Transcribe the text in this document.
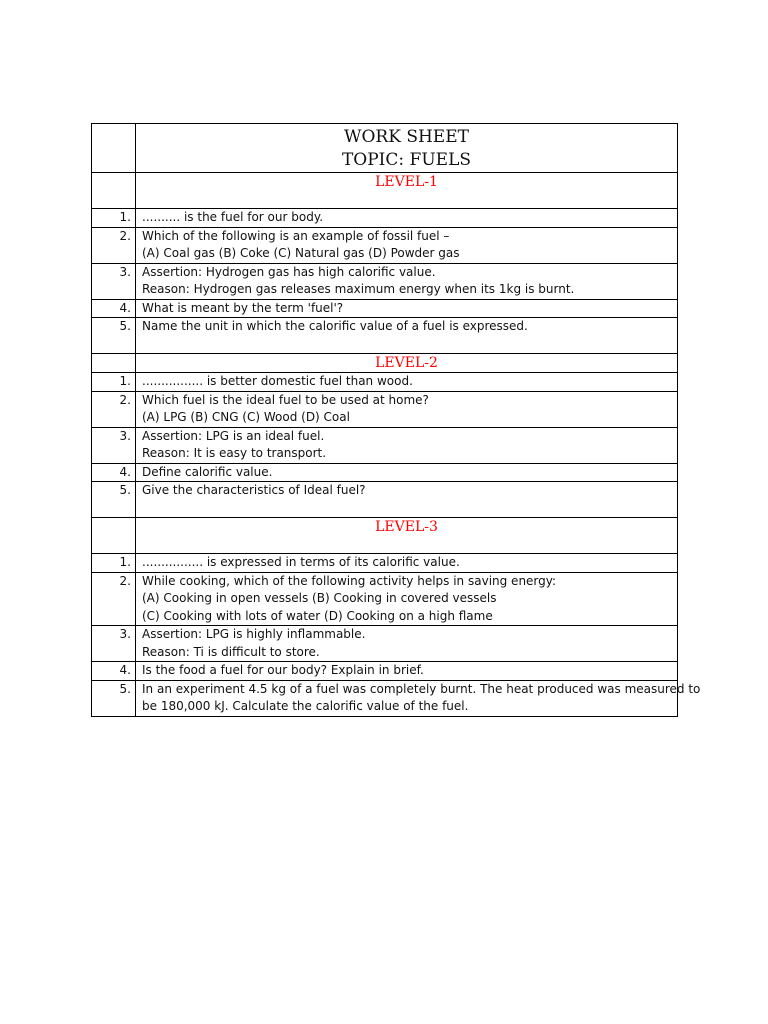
	WORK SHEET
TOPIC: FUELS

	LEVEL-1
1.	.......... is the fuel for our body.

2.	Which of the following is an example of fossil fuel –
(A) Coal gas (B) Coke (C) Natural gas (D) Powder gas

3.	Assertion: Hydrogen gas has high calorific value.
Reason: Hydrogen gas releases maximum energy when its 1kg is burnt.

4.	What is meant by the term 'fuel'?

5.	Name the unit in which the calorific value of a fuel is expressed.

	LEVEL-2
1.	................ is better domestic fuel than wood.

2.	Which fuel is the ideal fuel to be used at home?
(A) LPG (B) CNG (C) Wood (D) Coal

3.	Assertion: LPG is an ideal fuel.
Reason: It is easy to transport.

4.	Define calorific value.

5.	Give the characteristics of Ideal fuel?

	LEVEL-3
1.	................ is expressed in terms of its calorific value.

2.	While cooking, which of the following activity helps in saving energy:
(A) Cooking in open vessels (B) Cooking in covered vessels
(C) Cooking with lots of water (D) Cooking on a high flame

3.	Assertion: LPG is highly inflammable.
Reason: Ti is difficult to store.

4.	Is the food a fuel for our body? Explain in brief.

5.	In an experiment 4.5 kg of a fuel was completely burnt. The heat produced was measured to
be 180,000 kJ. Calculate the calorific value of the fuel.
